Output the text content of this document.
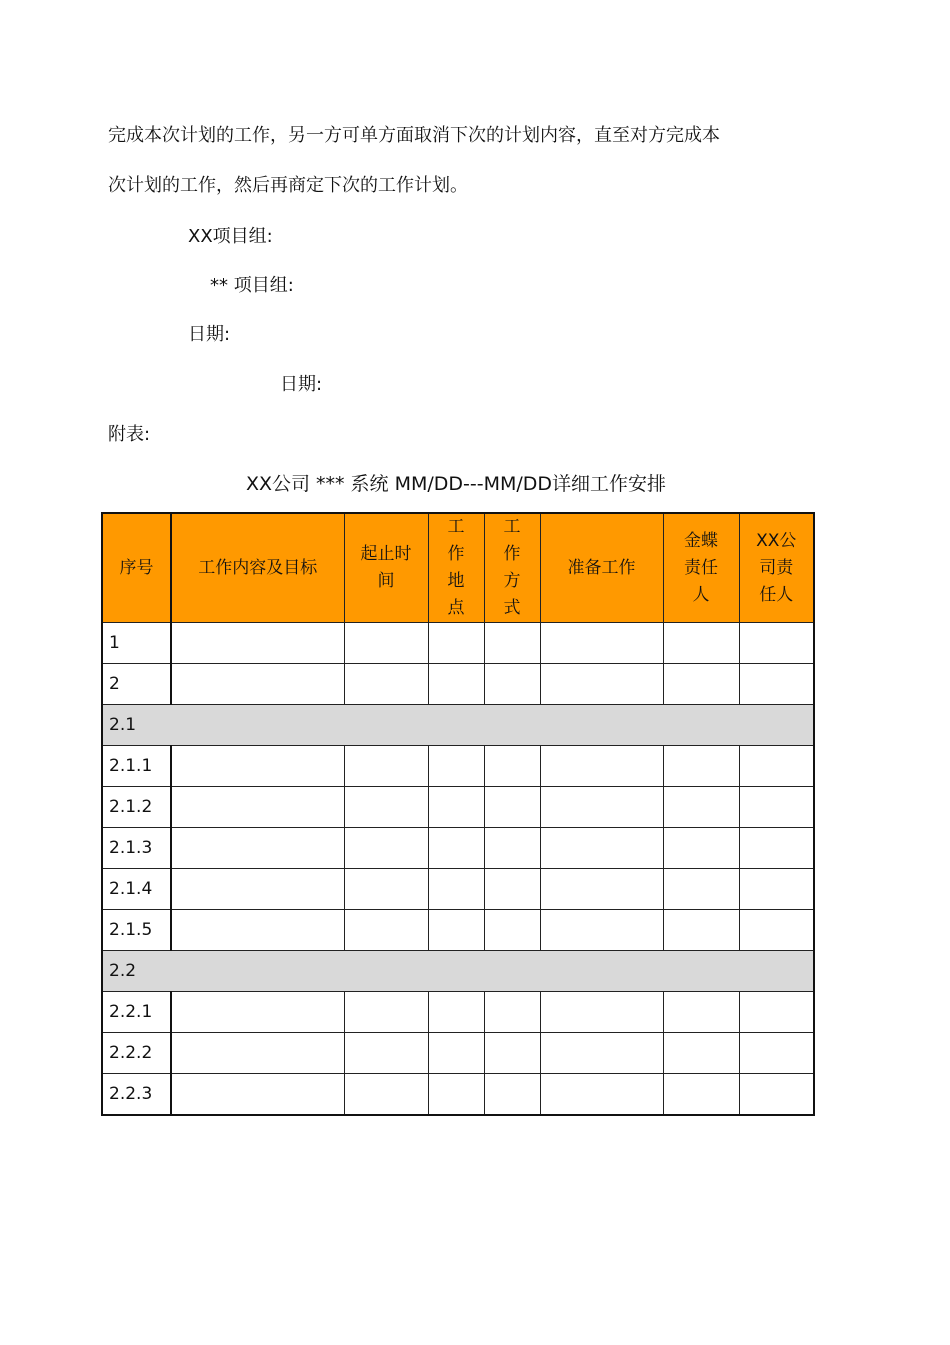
完成本次计划的工作，另一方可单方面取消下次的计划内容，直至对方完成本
次计划的工作，然后再商定下次的工作计划。
XX项目组:
** 项目组:
日期:
日期:
附表:
XX公司 *** 系统 MM/DD---MM/DD详细工作安排
序号	工作内容及目标	起止时间	工作地点	工作方式	准备工作	金蝶责任人	XX公司责任人
1							
2							
2.1							
2.1.1							
2.1.2							
2.1.3							
2.1.4							
2.1.5							
2.2							
2.2.1							
2.2.2							
2.2.3							
